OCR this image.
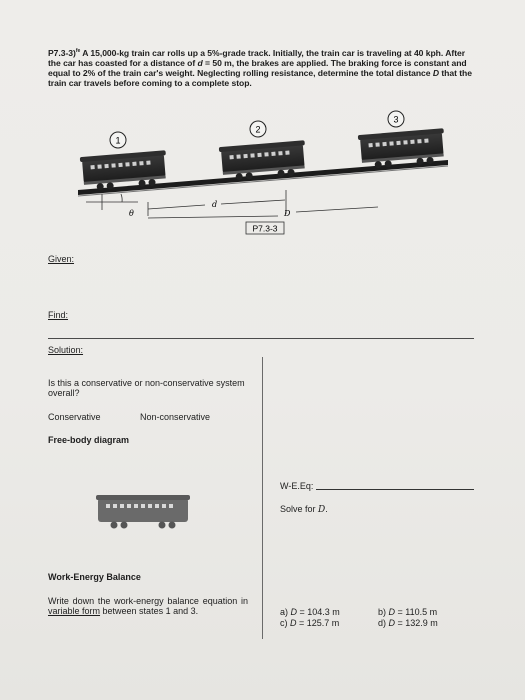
P7.3-3)$^{fe}$ A 15,000-kg train car rolls up a 5%-grade track. Initially, the train car is traveling at 40 kph. After the car has coasted for a distance of d = 50 m, the brakes are applied. The braking force is constant and equal to 2% of the train car's weight. Neglecting rolling resistance, determine the total distance D that the train car travels before coming to a complete stop.
1
2
3
θ
d
D
P7.3-3
Given:
Find:
Solution:
Is this a conservative or non-conservative system overall?
Conservative	Non-conservative
Free-body diagram
Work-Energy Balance
Write down the work-energy balance equation in variable form between states 1 and 3.
W-E.Eq:
Solve for D.
a) D = 104.3 m	b) D = 110.5 m
c) D = 125.7 m	d) D = 132.9 m
